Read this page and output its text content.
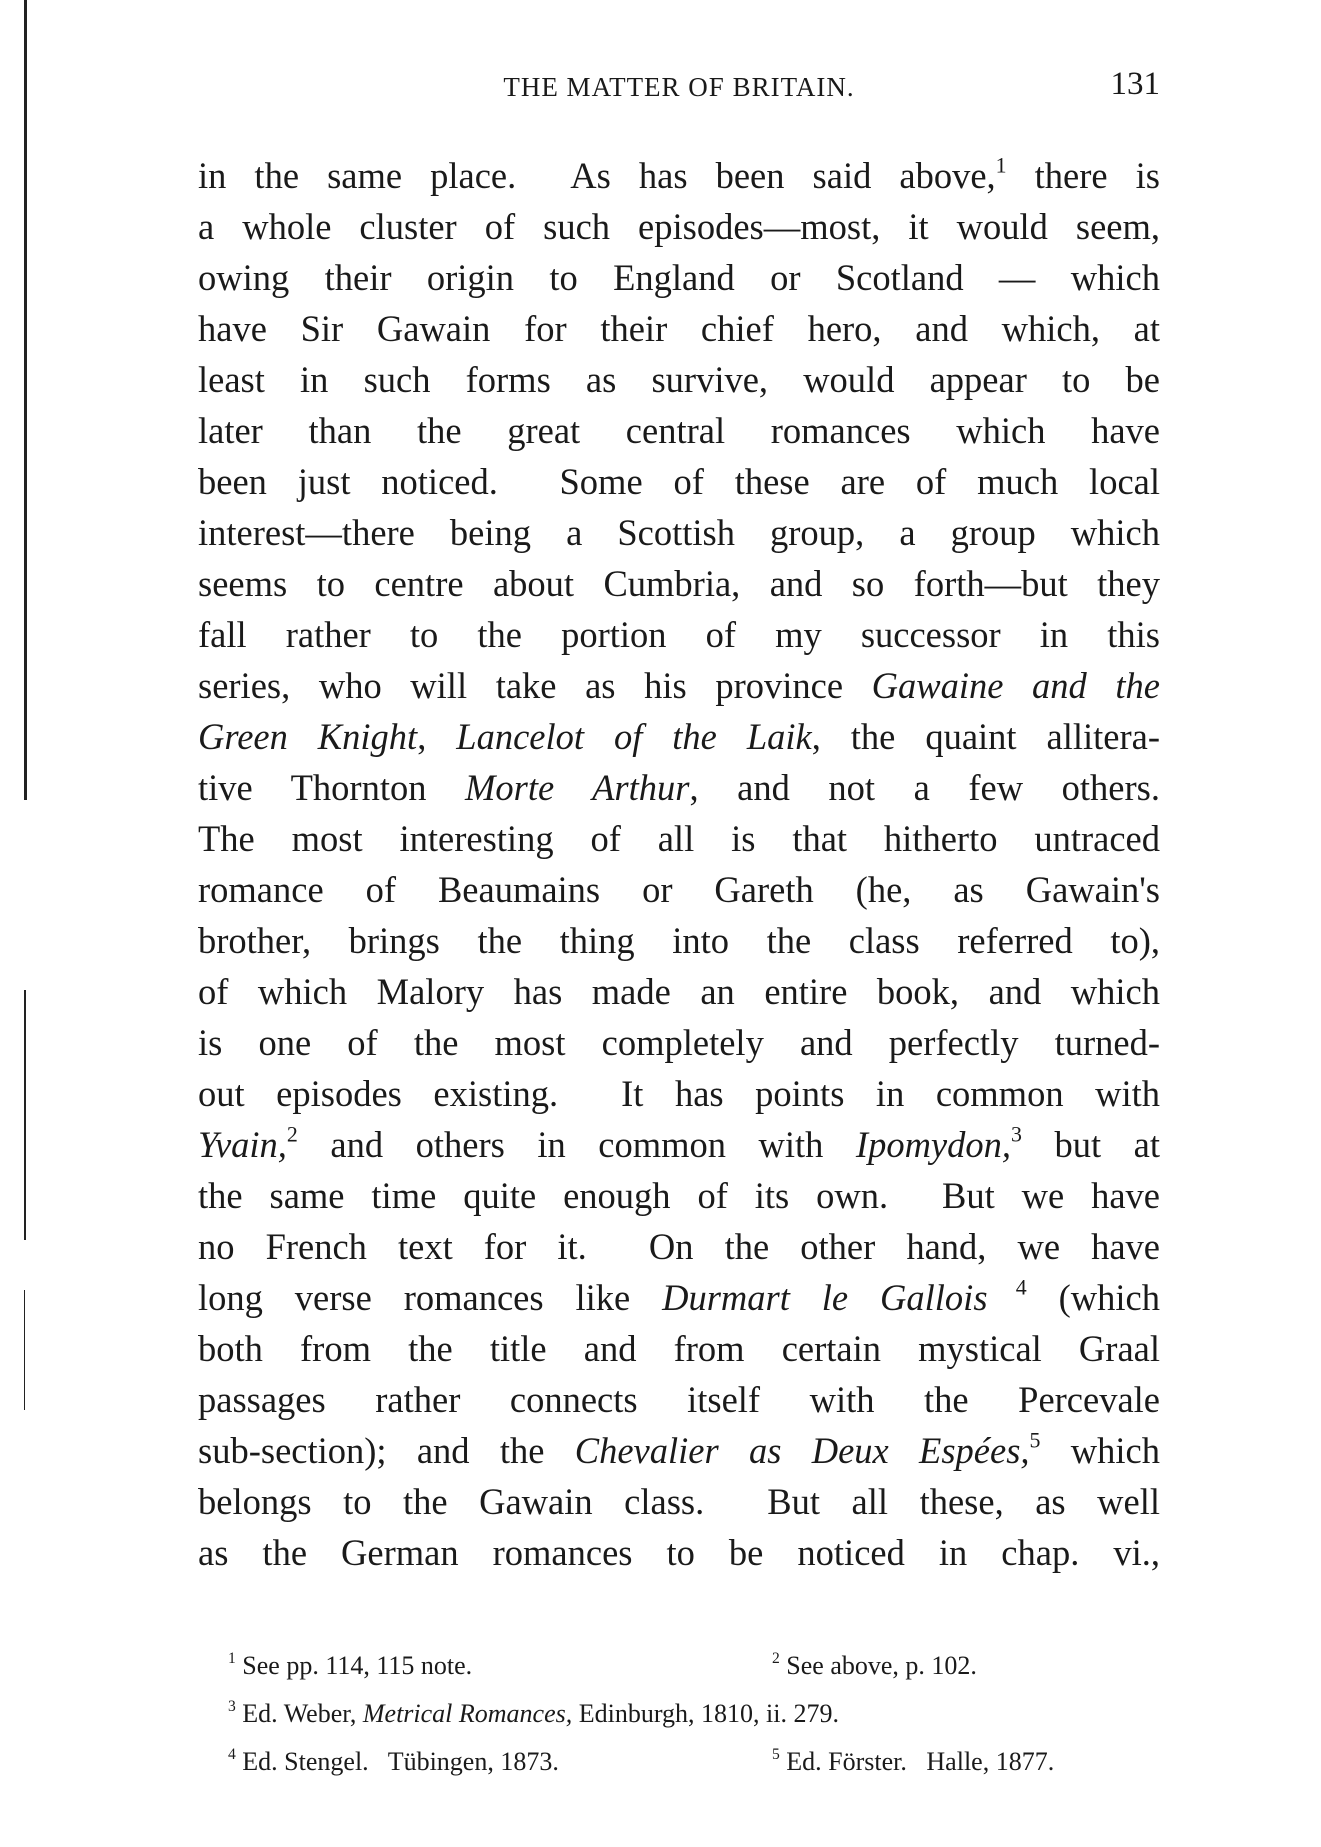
THE MATTER OF BRITAIN.	131
in the same place.  As has been said above,$^1$ there is
a whole cluster of such episodes—most, it would seem,
owing their origin to England or Scotland — which
have Sir Gawain for their chief hero, and which, at
least in such forms as survive, would appear to be
later than the great central romances which have
been just noticed.  Some of these are of much local
interest—there being a Scottish group, a group which
seems to centre about Cumbria, and so forth—but they
fall rather to the portion of my successor in this
series, who will take as his province Gawaine and the
Green Knight, Lancelot of the Laik, the quaint allitera-
tive Thornton Morte Arthur, and not a few others.
The most interesting of all is that hitherto untraced
romance of Beaumains or Gareth (he, as Gawain's
brother, brings the thing into the class referred to),
of which Malory has made an entire book, and which
is one of the most completely and perfectly turned-
out episodes existing.  It has points in common with
Yvain,$^2$ and others in common with Ipomydon,$^3$ but at
the same time quite enough of its own.  But we have
no French text for it.  On the other hand, we have
long verse romances like Durmart le Gallois $^4$ (which
both from the title and from certain mystical Graal
passages rather connects itself with the Percevale
sub-section); and the Chevalier as Deux Espées,$^5$ which
belongs to the Gawain class.  But all these, as well
as the German romances to be noticed in chap. vi.,
$^1$ See pp. 114, 115 note.	$^2$ See above, p. 102.
$^3$ Ed. Weber, Metrical Romances, Edinburgh, 1810, ii. 279.
$^4$ Ed. Stengel.   Tübingen, 1873.	$^5$ Ed. Förster.   Halle, 1877.
